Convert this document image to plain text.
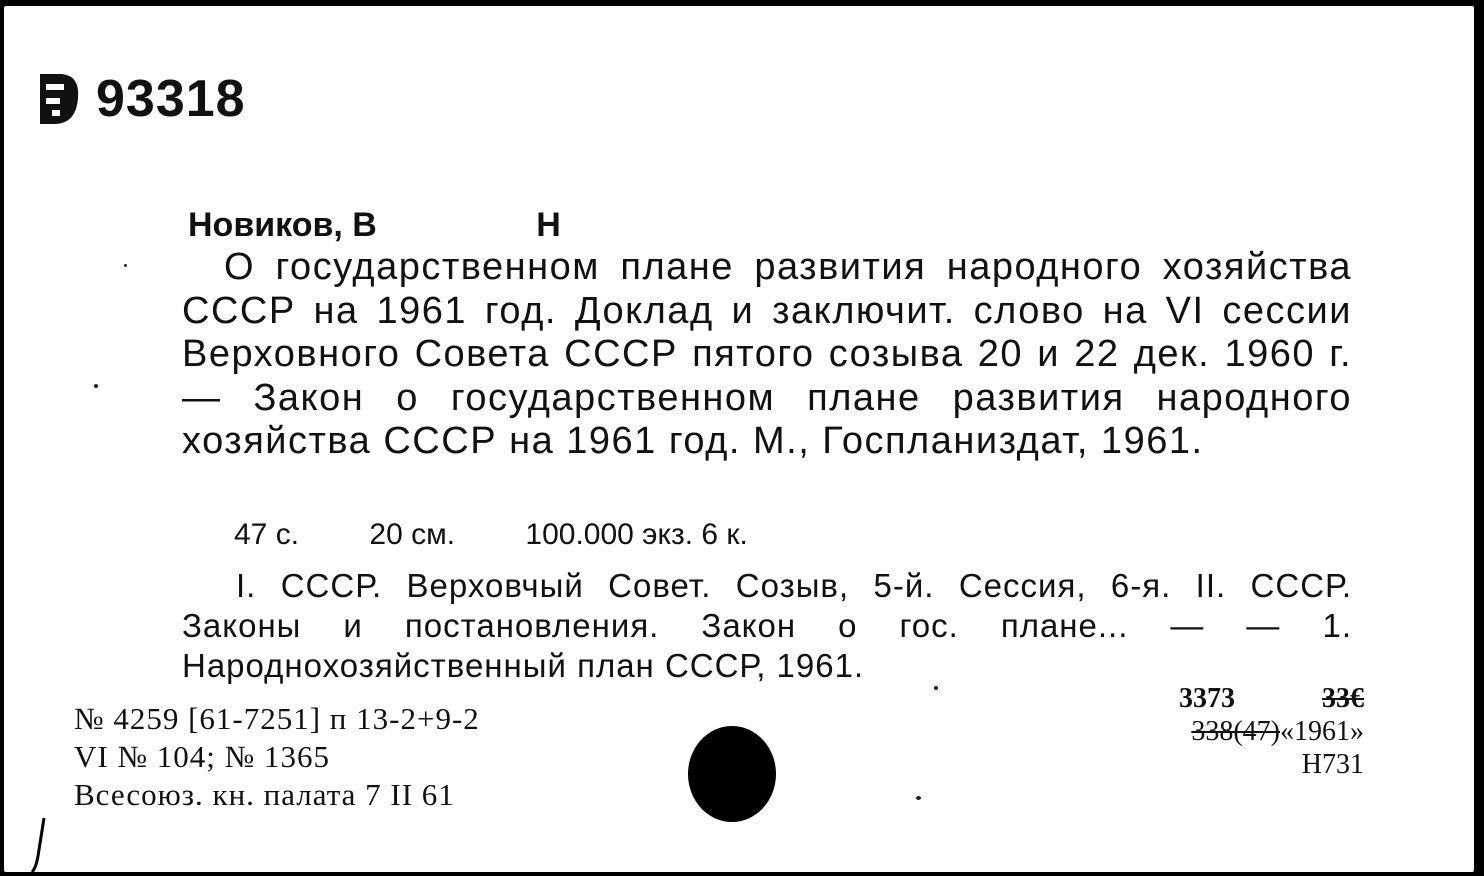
93318
Новиков, В	Н
О государственном плане развития народного хозяйства СССР на 1961 год. Доклад и заключит. слово на VI сессии Верховного Совета СССР пятого созыва 20 и 22 дек. 1960 г. — Закон о государственном плане развития народного хозяйства СССР на 1961 год. М., Госпланиздат, 1961.
47 с. 20 см. 100.000 экз. 6 к.
I. СССР. Верховчый Совет. Созыв, 5-й. Сессия, 6-я. II. СССР. Законы и постановления. Закон о гос. плане... — — 1. Народнохозяйственный план СССР, 1961.
№ 4259 [61-7251] п 13-2+9-2
VI № 104; № 1365
Всесоюз. кн. палата 7 II 61
3373	33€
338(47)«1961»
Н731
